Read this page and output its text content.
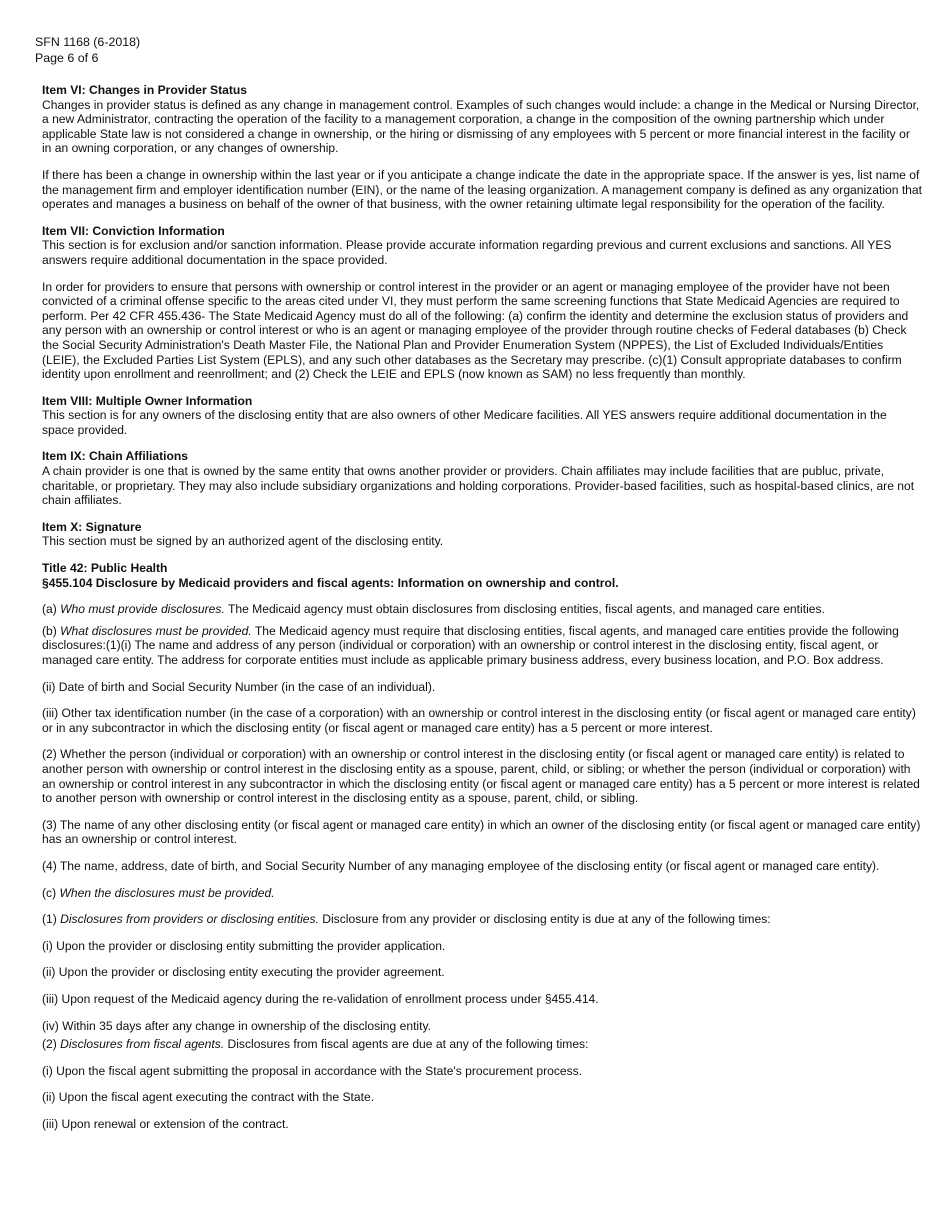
SFN 1168 (6-2018)
Page 6 of 6
Item VI: Changes in Provider Status

Changes in provider status is defined as any change in management control. Examples of such changes would include: a change in the Medical or Nursing Director, a new Administrator, contracting the operation of the facility to a management corporation, a change in the composition of the owning partnership which under applicable State law is not considered a change in ownership, or the hiring or dismissing of any employees with 5 percent or more financial interest in the facility or in an owning corporation, or any changes of ownership.

If there has been a change in ownership within the last year or if you anticipate a change indicate the date in the appropriate space. If the answer is yes, list name of the management firm and employer identification number (EIN), or the name of the leasing organization. A management company is defined as any organization that operates and manages a business on behalf of the owner of that business, with the owner retaining ultimate legal responsibility for the operation of the facility.

Item VII: Conviction Information

This section is for exclusion and/or sanction information. Please provide accurate information regarding previous and current exclusions and sanctions. All YES answers require additional documentation in the space provided.

In order for providers to ensure that persons with ownership or control interest in the provider or an agent or managing employee of the provider have not been convicted of a criminal offense specific to the areas cited under VI, they must perform the same screening functions that State Medicaid Agencies are required to perform. Per 42 CFR 455.436- The State Medicaid Agency must do all of the following: (a) confirm the identity and determine the exclusion status of providers and any person with an ownership or control interest or who is an agent or managing employee of the provider through routine checks of Federal databases (b) Check the Social Security Administration's Death Master File, the National Plan and Provider Enumeration System (NPPES), the List of Excluded Individuals/Entities (LEIE), the Excluded Parties List System (EPLS), and any such other databases as the Secretary may prescribe. (c)(1) Consult appropriate databases to confirm identity upon enrollment and reenrollment; and (2) Check the LEIE and EPLS (now known as SAM) no less frequently than monthly.

Item VIII: Multiple Owner Information

This section is for any owners of the disclosing entity that are also owners of other Medicare facilities. All YES answers require additional documentation in the space provided.

Item IX: Chain Affiliations

A chain provider is one that is owned by the same entity that owns another provider or providers. Chain affiliates may include facilities that are publuc, private, charitable, or proprietary. They may also include subsidiary organizations and holding corporations. Provider-based facilities, such as hospital-based clinics, are not chain affiliates.

Item X: Signature

This section must be signed by an authorized agent of the disclosing entity.

Title 42: Public Health
§455.104 Disclosure by Medicaid providers and fiscal agents: Information on ownership and control.

(a) Who must provide disclosures. The Medicaid agency must obtain disclosures from disclosing entities, fiscal agents, and managed care entities.

(b) What disclosures must be provided. The Medicaid agency must require that disclosing entities, fiscal agents, and managed care entities provide the following disclosures:(1)(i) The name and address of any person (individual or corporation) with an ownership or control interest in the disclosing entity, fiscal agent, or managed care entity. The address for corporate entities must include as applicable primary business address, every business location, and P.O. Box address.

(ii) Date of birth and Social Security Number (in the case of an individual).

(iii) Other tax identification number (in the case of a corporation) with an ownership or control interest in the disclosing entity (or fiscal agent or managed care entity) or in any subcontractor in which the disclosing entity (or fiscal agent or managed care entity) has a 5 percent or more interest.

(2) Whether the person (individual or corporation) with an ownership or control interest in the disclosing entity (or fiscal agent or managed care entity) is related to another person with ownership or control interest in the disclosing entity as a spouse, parent, child, or sibling; or whether the person (individual or corporation) with an ownership or control interest in any subcontractor in which the disclosing entity (or fiscal agent or managed care entity) has a 5 percent or more interest is related to another person with ownership or control interest in the disclosing entity as a spouse, parent, child, or sibling.

(3) The name of any other disclosing entity (or fiscal agent or managed care entity) in which an owner of the disclosing entity (or fiscal agent or managed care entity) has an ownership or control interest.

(4) The name, address, date of birth, and Social Security Number of any managing employee of the disclosing entity (or fiscal agent or managed care entity).

(c) When the disclosures must be provided.

(1) Disclosures from providers or disclosing entities. Disclosure from any provider or disclosing entity is due at any of the following times:

(i) Upon the provider or disclosing entity submitting the provider application.

(ii) Upon the provider or disclosing entity executing the provider agreement.

(iii) Upon request of the Medicaid agency during the re-validation of enrollment process under §455.414.

(iv) Within 35 days after any change in ownership of the disclosing entity.

(2) Disclosures from fiscal agents. Disclosures from fiscal agents are due at any of the following times:

(i) Upon the fiscal agent submitting the proposal in accordance with the State's procurement process.

(ii) Upon the fiscal agent executing the contract with the State.

(iii) Upon renewal or extension of the contract.
